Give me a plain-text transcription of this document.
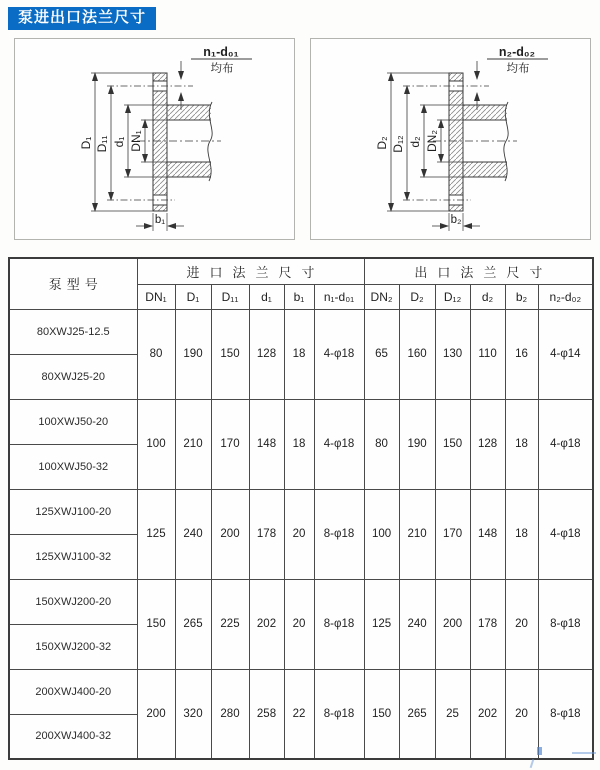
泵进出口法兰尺寸
n₁-d₀₁
均布
D₁ D₁₁ d₁ DN₁
b₁
n₂-d₀₂
均布
D₂ D₁₂ d₂ DN₂
b₂
泵型号	进口法兰尺寸						出口法兰尺寸					
	DN₁	D₁	D₁₁	d₁	b₁	n₁-d₀₁	DN₂	D₂	D₁₂	d₂	b₂	n₂-d₀₂
80XWJ25-12.5	80	190	150	128	18	4-φ18	65	160	130	110	16	4-φ14
80XWJ25-20												
100XWJ50-20	100	210	170	148	18	4-φ18	80	190	150	128	18	4-φ18
100XWJ50-32												
125XWJ100-20	125	240	200	178	20	8-φ18	100	210	170	148	18	4-φ18
125XWJ100-32												
150XWJ200-20	150	265	225	202	20	8-φ18	125	240	200	178	20	8-φ18
150XWJ200-32												
200XWJ400-20	200	320	280	258	22	8-φ18	150	265	25	202	20	8-φ18
200XWJ400-32												
